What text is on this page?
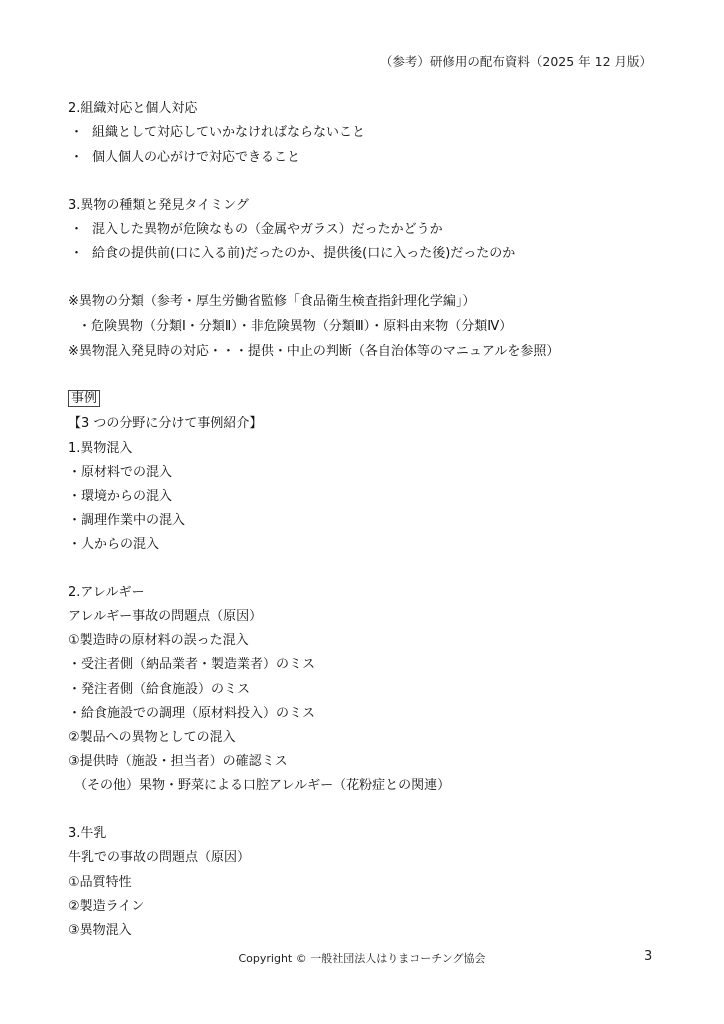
（参考）研修用の配布資料（2025 年 12 月版）
2.組織対応と個人対応
・ 組織として対応していかなければならないこと
・ 個人個人の心がけで対応できること
3.異物の種類と発見タイミング
・ 混入した異物が危険なもの（金属やガラス）だったかどうか
・ 給食の提供前(口に入る前)だったのか、提供後(口に入った後)だったのか
※異物の分類（参考・厚生労働省監修「食品衛生検査指針理化学編」）
・危険異物（分類Ⅰ・分類Ⅱ）・非危険異物（分類Ⅲ）・原料由来物（分類Ⅳ）
※異物混入発見時の対応・・・提供・中止の判断（各自治体等のマニュアルを参照）
事例
【3 つの分野に分けて事例紹介】
1.異物混入
・原材料での混入
・環境からの混入
・調理作業中の混入
・人からの混入
2.アレルギー
アレルギー事故の問題点（原因）
①製造時の原材料の誤った混入
・受注者側（納品業者・製造業者）のミス
・発注者側（給食施設）のミス
・給食施設での調理（原材料投入）のミス
②製品への異物としての混入
③提供時（施設・担当者）の確認ミス
（その他）果物・野菜による口腔アレルギー（花粉症との関連）
3.牛乳
牛乳での事故の問題点（原因）
①品質特性
②製造ライン
③異物混入
Copyright © 一般社団法人はりまコーチング協会	3
